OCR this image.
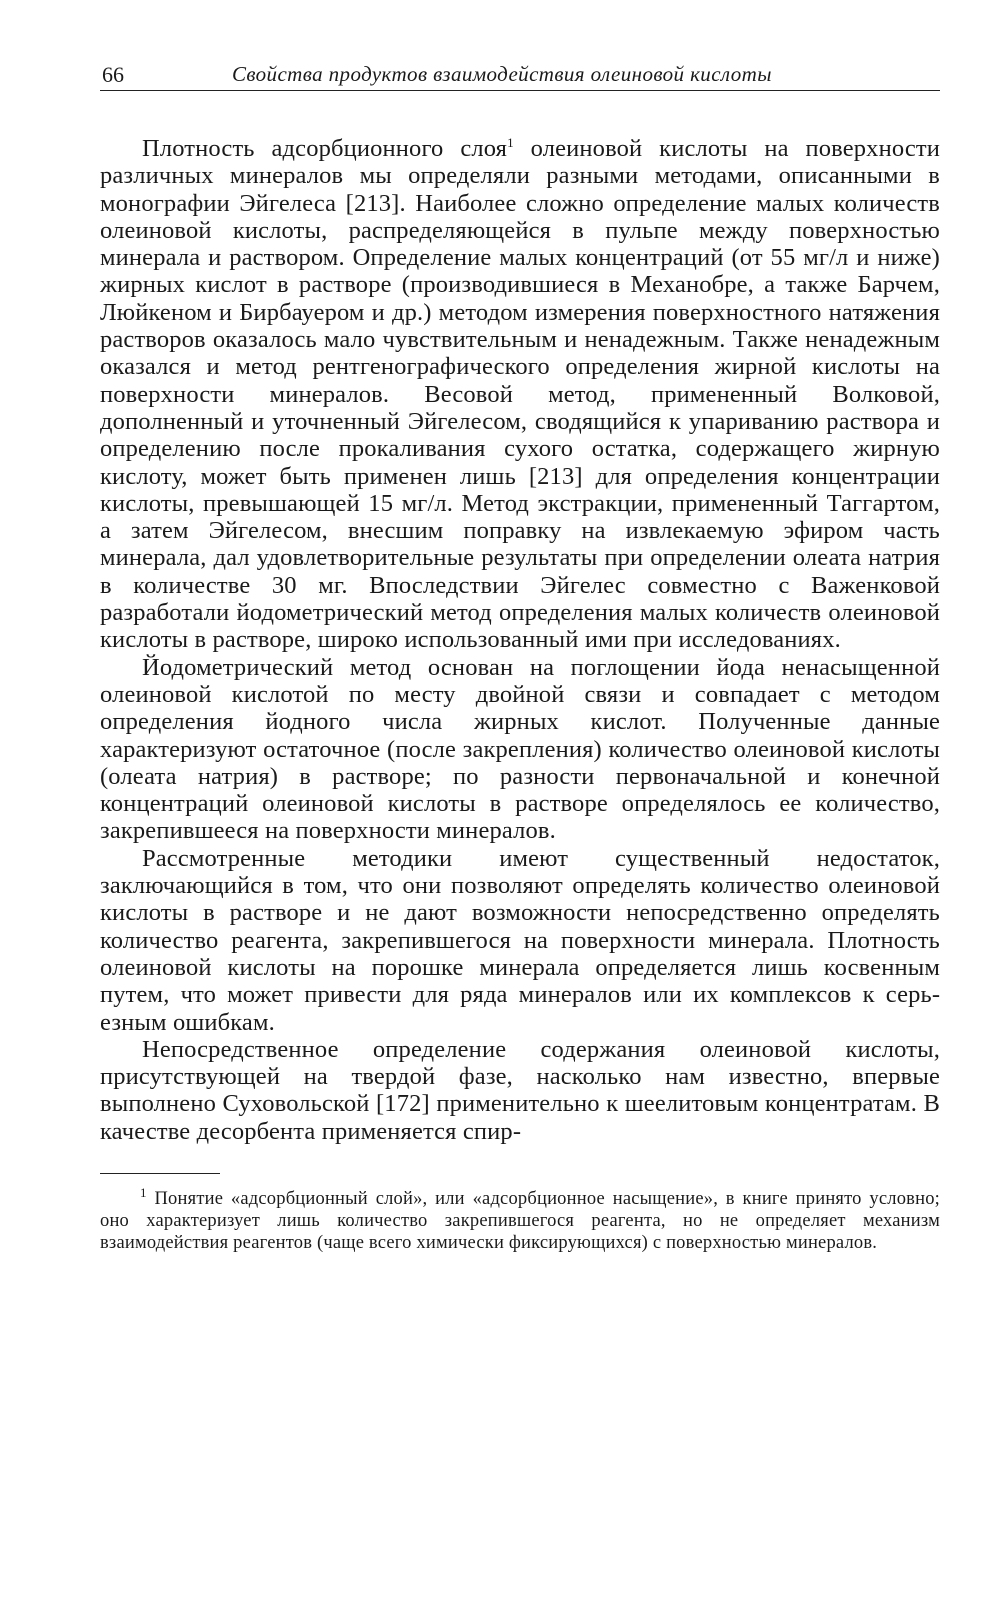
66	Свойства продуктов взаимодействия олеиновой кислоты

Плотность адсорбционного слоя$^1$ олеиновой кислоты на поверхности различных минералов мы определяли разными методами, описанными в монографии Эйгелеса [213]. Наиболее сложно определение малых количеств олеиновой кислоты, распределяющейся в пульпе между поверхностью минерала и раствором. Определение малых концентраций (от 55 мг/л и ниже) жирных кислот в растворе (производившиеся в Механобре, а также Барчем, Люйкеном и Бирбауером и др.) методом измерения поверхностного натяжения растворов оказалось мало чувствительным и ненадежным. Также ненадежным оказался и метод рентгенографического определения жирной кислоты на поверхности минералов. Весовой метод, примененный Волковой, дополненный и уточненный Эйгелесом, сводящийся к упариванию раствора и определению после прокаливания сухого остатка, содержащего жирную кислоту, может быть применен лишь [213] для определения концентрации кислоты, превышающей 15 мг/л. Метод экстракции, примененный Таггартом, а затем Эйгелесом, внесшим поправку на извлекаемую эфиром часть минерала, дал удовлетворительные результаты при определении олеата натрия в количестве 30 мг. Впоследствии Эйгелес совместно с Важенковой разработали йодометрический метод определения малых количеств олеиновой кислоты в растворе, широко использованный ими при исследованиях.

Йодометрический метод основан на поглощении йода ненасыщенной олеиновой кислотой по месту двойной связи и совпадает с методом определения йодного числа жирных кислот. Полученные данные характеризуют остаточное (после закрепления) количество олеиновой кислоты (олеата натрия) в растворе; по разности первоначальной и конечной концентраций олеиновой кислоты в растворе определялось ее количество, закрепившееся на поверхности минералов.

Рассмотренные методики имеют существенный недостаток, заключающийся в том, что они позволяют определять количество олеиновой кислоты в растворе и не дают возможности непосредственно определять количество реагента, закрепившегося на поверхности минерала. Плотность олеиновой кислоты на порошке минерала определяется лишь косвенным путем, что может привести для ряда минералов или их комплексов к серьезным ошибкам.

Непосредственное определение содержания олеиновой кислоты, присутствующей на твердой фазе, насколько нам известно, впервые выполнено Суховольской [172] применительно к шеелитовым концентратам. В качестве десорбента применяется спир-

$^1$ Понятие «адсорбционный слой», или «адсорбционное насыщение», в книге принято условно; оно характеризует лишь количество закрепившегося реагента, но не определяет механизм взаимодействия реагентов (чаще всего химически фиксирующихся) с поверхностью минералов.
